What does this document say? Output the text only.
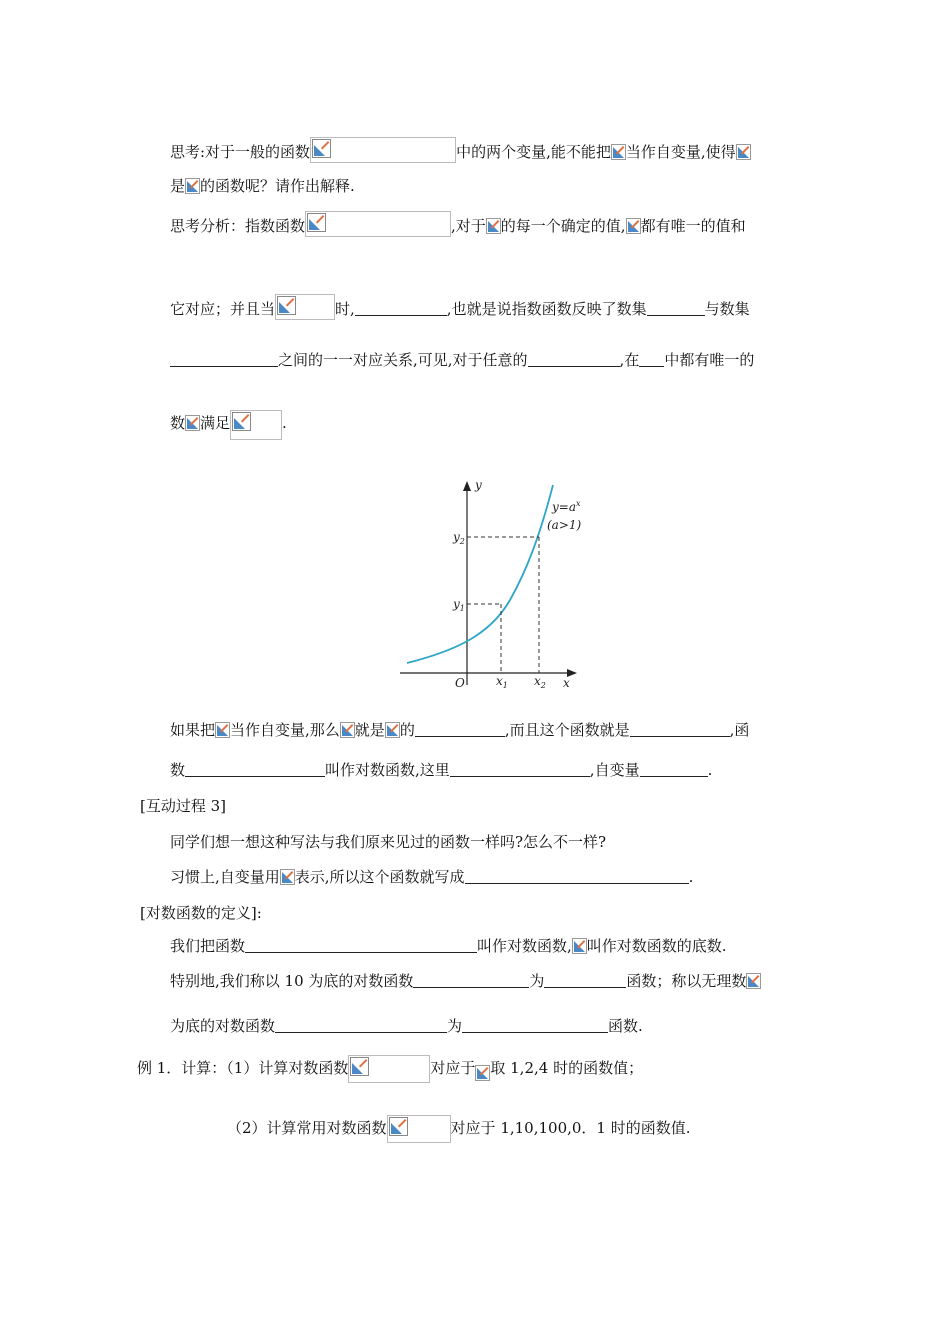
思考:对于一般的函数	中的两个变量,能不能把 当作自变量,使得
是 的函数呢？请作出解释.
思考分析：指数函数	,对于 的每一个确定的值, 都有唯一的值和
它对应；并且当	时,	,也就是说指数函数反映了数集	与数集
之间的一一对应关系,可见,对于任意的	,在 中都有唯一的
数 满足	.
y
x
O	$x_1$ $x_2$
$y_1$
$y_2$
$y=a^x$
(a>1)
如果把 当作自变量,那么 就是 的	,而且这个函数就是	,函
数	叫作对数函数,这里	,自变量	.
[互动过程 3]
同学们想一想这种写法与我们原来见过的函数一样吗?怎么不一样?
习惯上,自变量用 表示,所以这个函数就写成	.
[对数函数的定义]:
我们把函数	叫作对数函数, 叫作对数函数的底数.
特别地,我们称以 10 为底的对数函数	为	函数；称以无理数
为底的对数函数	为	函数.
例 1．计算：（1）计算对数函数	对应于 取 1,2,4 时的函数值；
（2）计算常用对数函数	对应于 1,10,100,0．1 时的函数值.
